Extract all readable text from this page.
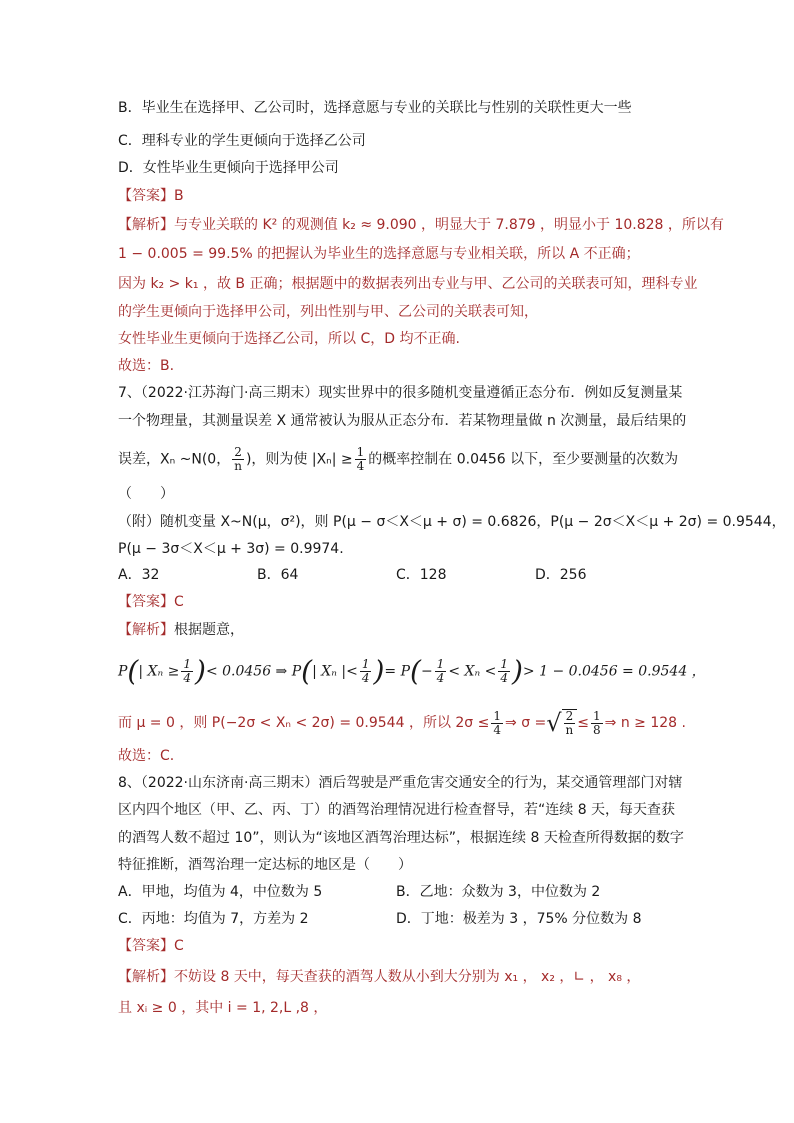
B．毕业生在选择甲、乙公司时，选择意愿与专业的关联比与性别的关联性更大一些
C．理科专业的学生更倾向于选择乙公司
D．女性毕业生更倾向于选择甲公司
【答案】B
【解析】与专业关联的 K² 的观测值 k₂ ≈ 9.090 ，明显大于 7.879 ，明显小于 10.828 ，所以有
1 − 0.005 = 99.5% 的把握认为毕业生的选择意愿与专业相关联，所以 A 不正确；
因为 k₂ > k₁ ，故 B 正确；根据题中的数据表列出专业与甲、乙公司的关联表可知，理科专业
的学生更倾向于选择甲公司，列出性别与甲、乙公司的关联表可知，
女性毕业生更倾向于选择乙公司，所以 C，D 均不正确.
故选：B.
7、（2022·江苏海门·高三期末）现实世界中的很多随机变量遵循正态分布．例如反复测量某
一个物理量，其测量误差 X 通常被认为服从正态分布．若某物理量做 n 次测量，最后结果的
误差，Xₙ ~N(0， $\frac{2}{n}$ )，则为使 $|X_n| \ge \frac{1}{4}$ 的概率控制在 0.0456 以下，至少要测量的次数为
（　　）
（附）随机变量 X~N(μ，σ²)，则 P(μ − σ＜X＜μ + σ) = 0.6826，P(μ − 2σ＜X＜μ + 2σ) = 0.9544，
P(μ − 3σ＜X＜μ + 3σ) = 0.9974.
A．32	B．64	C．128	D．256
【答案】C
【解析】根据题意，
P(| $X_n \ge \frac{1}{4}$ )< 0.0456 ⇒ P(| Xₙ |< $\frac{1}{4}$ )= $P(- \frac{1}{4} < X_n < \frac{1}{4}$ )> 1 − 0.0456 = 0.9544 ，
而 μ = 0 ，则 P(−2σ < Xₙ < 2σ) = 0.9544 ，所以 $2\sigma \le \frac{1}{4}$ ⇒ σ =√ $\frac{2}{n} \le \frac{1}{8}$ ⇒ n ≥ 128 .
故选：C.
8、（2022·山东济南·高三期末）酒后驾驶是严重危害交通安全的行为，某交通管理部门对辖
区内四个地区（甲、乙、丙、丁）的酒驾治理情况进行检查督导，若“连续 8 天，每天查获
的酒驾人数不超过 10”，则认为“该地区酒驾治理达标”，根据连续 8 天检查所得数据的数字
特征推断，酒驾治理一定达标的地区是（　　）
A．甲地，均值为 4，中位数为 5	B．乙地：众数为 3，中位数为 2
C．丙地：均值为 7，方差为 2	D．丁地：极差为 3 ，75% 分位数为 8
【答案】C
【解析】不妨设 8 天中，每天查获的酒驾人数从小到大分别为 x₁ ， x₂ ，∟ ， x₈ ，
且 xᵢ ≥ 0 ，其中 i = 1, 2,L ,8 ，
